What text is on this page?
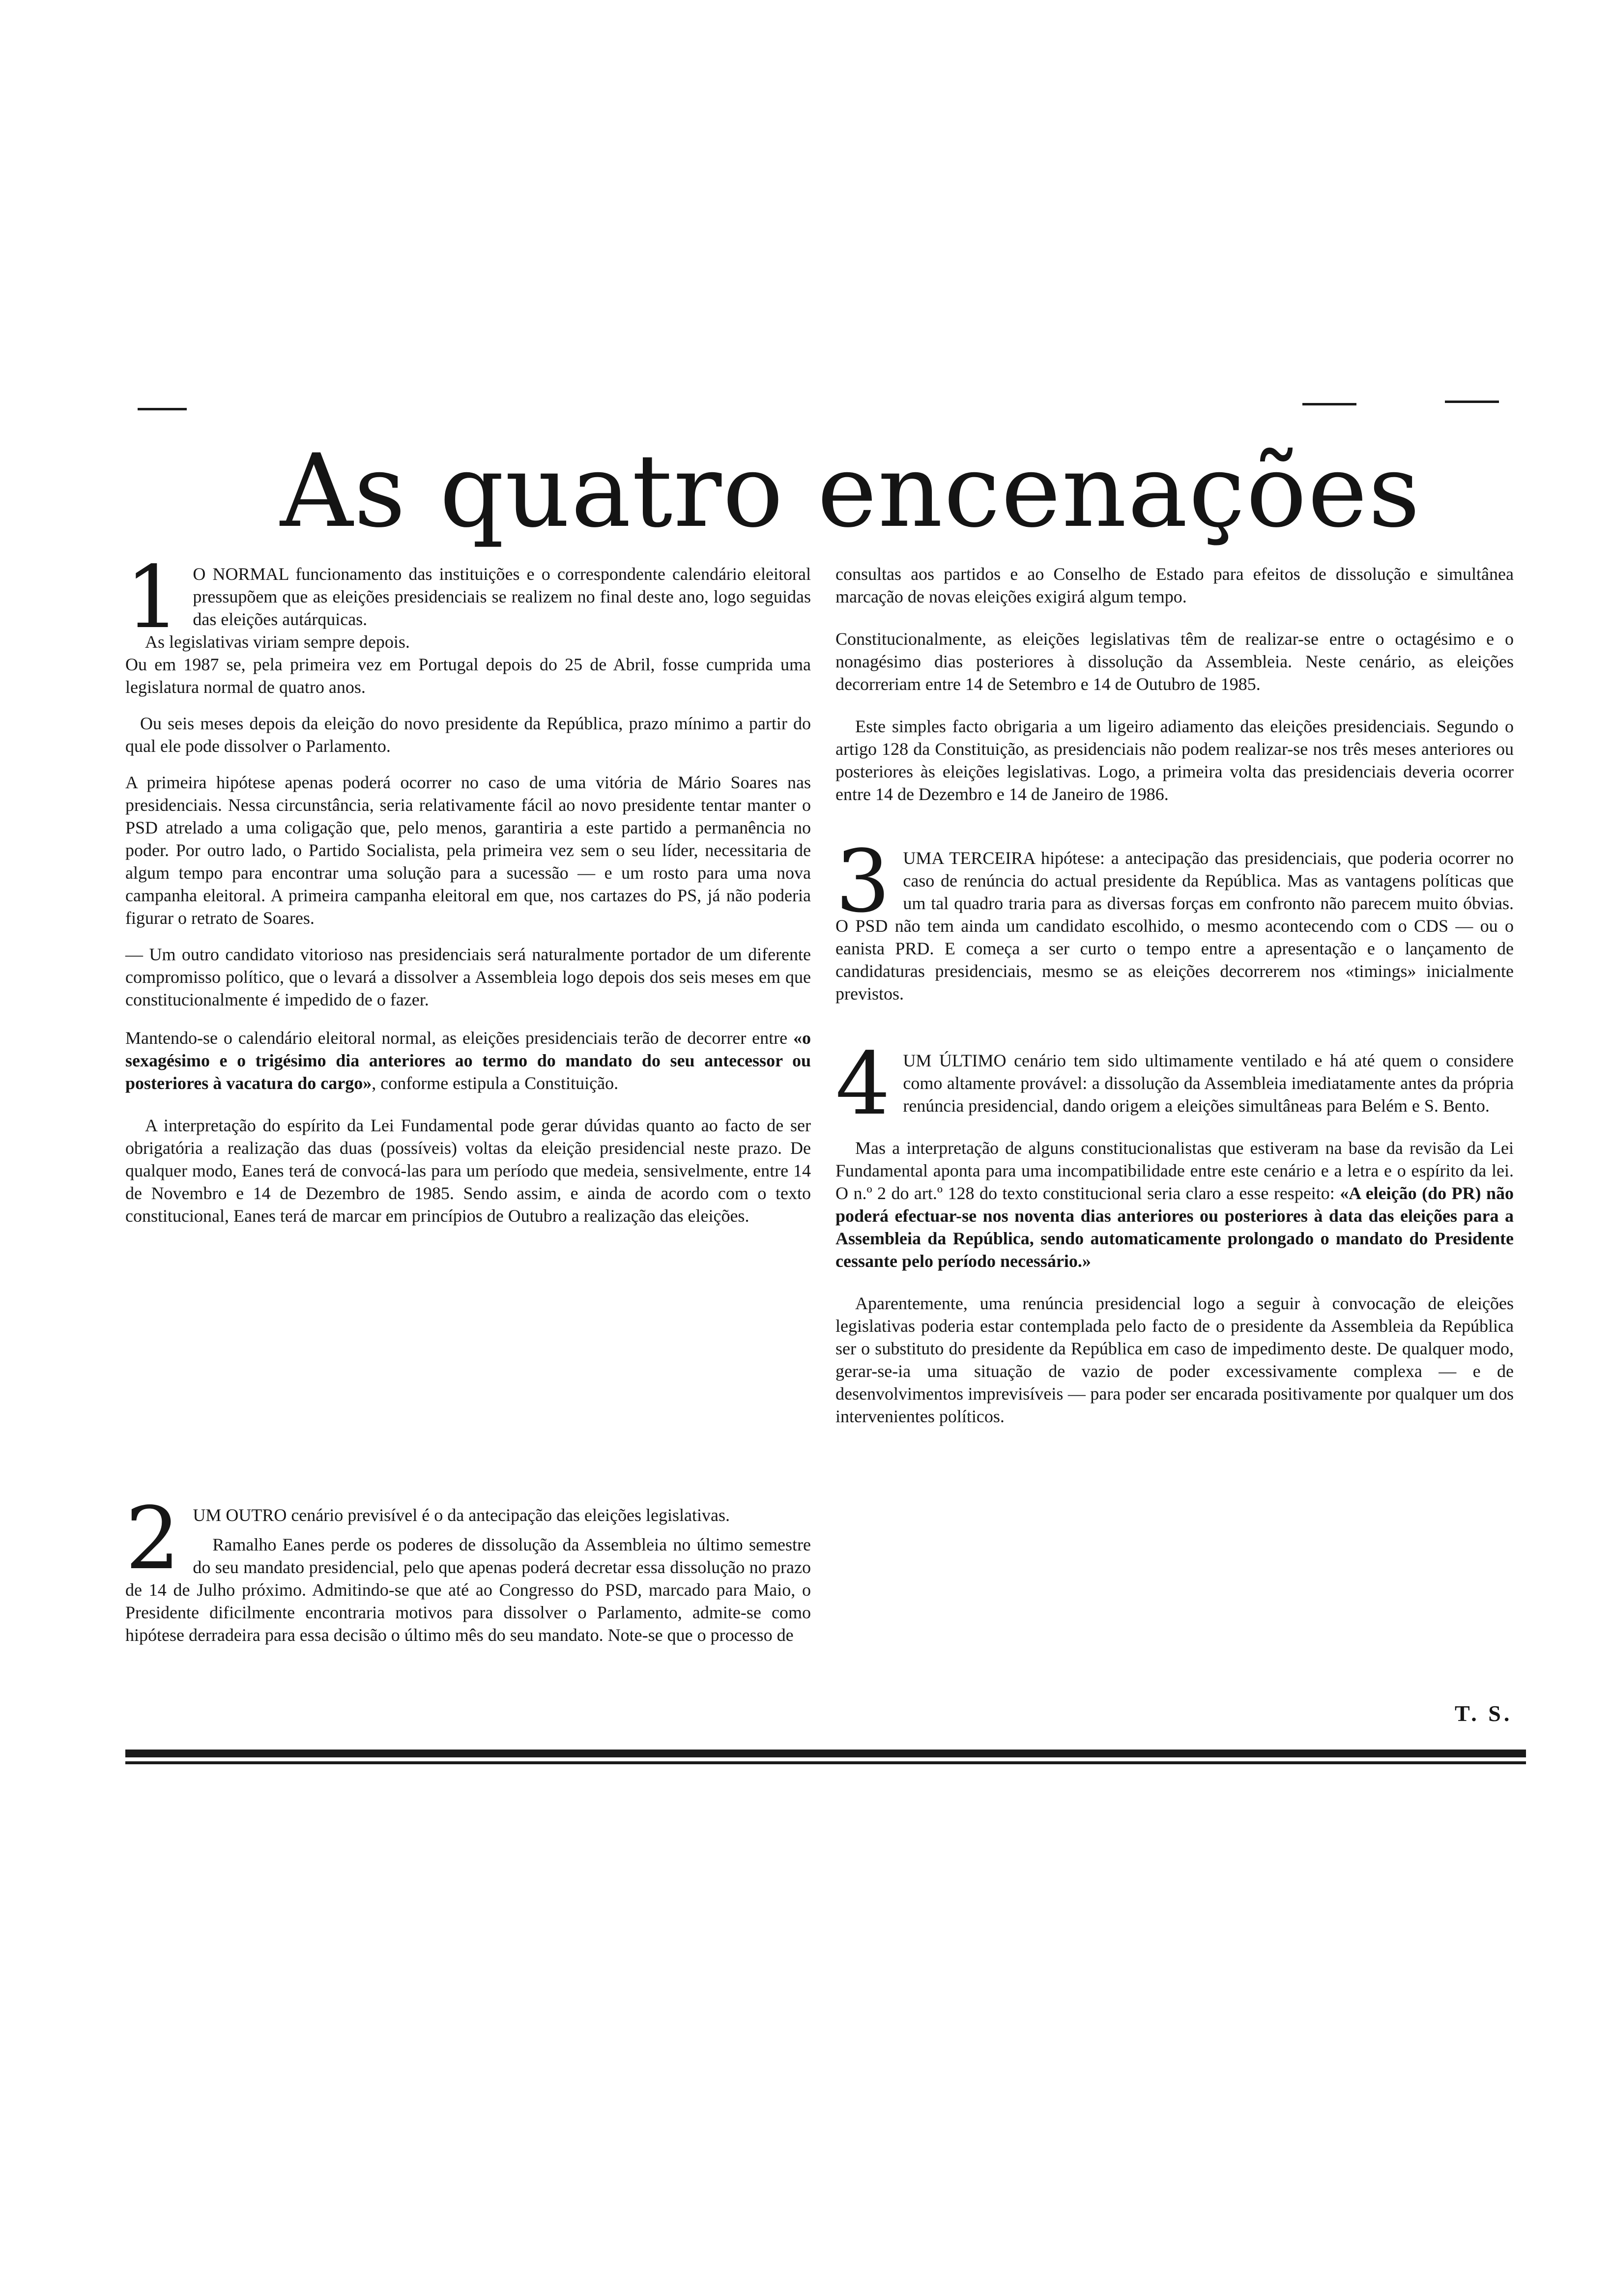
As quatro encenações
1 O NORMAL funcionamento das instituições e o correspondente calendário eleitoral pressupõem que as eleições presidenciais se realizem no final deste ano, logo seguidas das eleições autárquicas.

As legislativas viriam sempre depois.

Ou em 1987 se, pela primeira vez em Portugal depois do 25 de Abril, fosse cumprida uma legislatura normal de quatro anos.

Ou seis meses depois da eleição do novo presidente da República, prazo mínimo a partir do qual ele pode dissolver o Parlamento.

A primeira hipótese apenas poderá ocorrer no caso de uma vitória de Mário Soares nas presidenciais. Nessa circunstância, seria relativamente fácil ao novo presidente tentar manter o PSD atrelado a uma coligação que, pelo menos, garantiria a este partido a permanência no poder. Por outro lado, o Partido Socialista, pela primeira vez sem o seu líder, necessitaria de algum tempo para encontrar uma solução para a sucessão — e um rosto para uma nova campanha eleitoral. A primeira campanha eleitoral em que, nos cartazes do PS, já não poderia figurar o retrato de Soares.

— Um outro candidato vitorioso nas presidenciais será naturalmente portador de um diferente compromisso político, que o levará a dissolver a Assembleia logo depois dos seis meses em que constitucionalmente é impedido de o fazer.

Mantendo-se o calendário eleitoral normal, as eleições presidenciais terão de decorrer entre «o sexagésimo e o trigésimo dia anteriores ao termo do mandato do seu antecessor ou posteriores à vacatura do cargo», conforme estipula a Constituição.

A interpretação do espírito da Lei Fundamental pode gerar dúvidas quanto ao facto de ser obrigatória a realização das duas (possíveis) voltas da eleição presidencial neste prazo. De qualquer modo, Eanes terá de convocá-las para um período que medeia, sensivelmente, entre 14 de Novembro e 14 de Dezembro de 1985. Sendo assim, e ainda de acordo com o texto constitucional, Eanes terá de marcar em princípios de Outubro a realização das eleições.

2 UM OUTRO cenário previsível é o da antecipação das eleições legislativas.

Ramalho Eanes perde os poderes de dissolução da Assembleia no último semestre do seu mandato presidencial, pelo que apenas poderá decretar essa dissolução no prazo de 14 de Julho próximo. Admitindo-se que até ao Congresso do PSD, marcado para Maio, o Presidente dificilmente encontraria motivos para dissolver o Parlamento, admite-se como hipótese derradeira para essa decisão o último mês do seu mandato. Note-se que o processo de

consultas aos partidos e ao Conselho de Estado para efeitos de dissolução e simultânea marcação de novas eleições exigirá algum tempo.

Constitucionalmente, as eleições legislativas têm de realizar-se entre o octagésimo e o nonagésimo dias posteriores à dissolução da Assembleia. Neste cenário, as eleições decorreriam entre 14 de Setembro e 14 de Outubro de 1985.

Este simples facto obrigaria a um ligeiro adiamento das eleições presidenciais. Segundo o artigo 128 da Constituição, as presidenciais não podem realizar-se nos três meses anteriores ou posteriores às eleições legislativas. Logo, a primeira volta das presidenciais deveria ocorrer entre 14 de Dezembro e 14 de Janeiro de 1986.

3 UMA TERCEIRA hipótese: a antecipação das presidenciais, que poderia ocorrer no caso de renúncia do actual presidente da República. Mas as vantagens políticas que um tal quadro traria para as diversas forças em confronto não parecem muito óbvias. O PSD não tem ainda um candidato escolhido, o mesmo acontecendo com o CDS — ou o eanista PRD. E começa a ser curto o tempo entre a apresentação e o lançamento de candidaturas presidenciais, mesmo se as eleições decorrerem nos «timings» inicialmente previstos.

4 UM ÚLTIMO cenário tem sido ultimamente ventilado e há até quem o considere como altamente provável: a dissolução da Assembleia imediatamente antes da própria renúncia presidencial, dando origem a eleições simultâneas para Belém e S. Bento.

Mas a interpretação de alguns constitucionalistas que estiveram na base da revisão da Lei Fundamental aponta para uma incompatibilidade entre este cenário e a letra e o espírito da lei. O n.º 2 do art.º 128 do texto constitucional seria claro a esse respeito: «A eleição (do PR) não poderá efectuar-se nos noventa dias anteriores ou posteriores à data das eleições para a Assembleia da República, sendo automaticamente prolongado o mandato do Presidente cessante pelo período necessário.»

Aparentemente, uma renúncia presidencial logo a seguir à convocação de eleições legislativas poderia estar contemplada pelo facto de o presidente da Assembleia da República ser o substituto do presidente da República em caso de impedimento deste. De qualquer modo, gerar-se-ia uma situação de vazio de poder excessivamente complexa — e de desenvolvimentos imprevisíveis — para poder ser encarada positivamente por qualquer um dos intervenientes políticos.

T. S.
